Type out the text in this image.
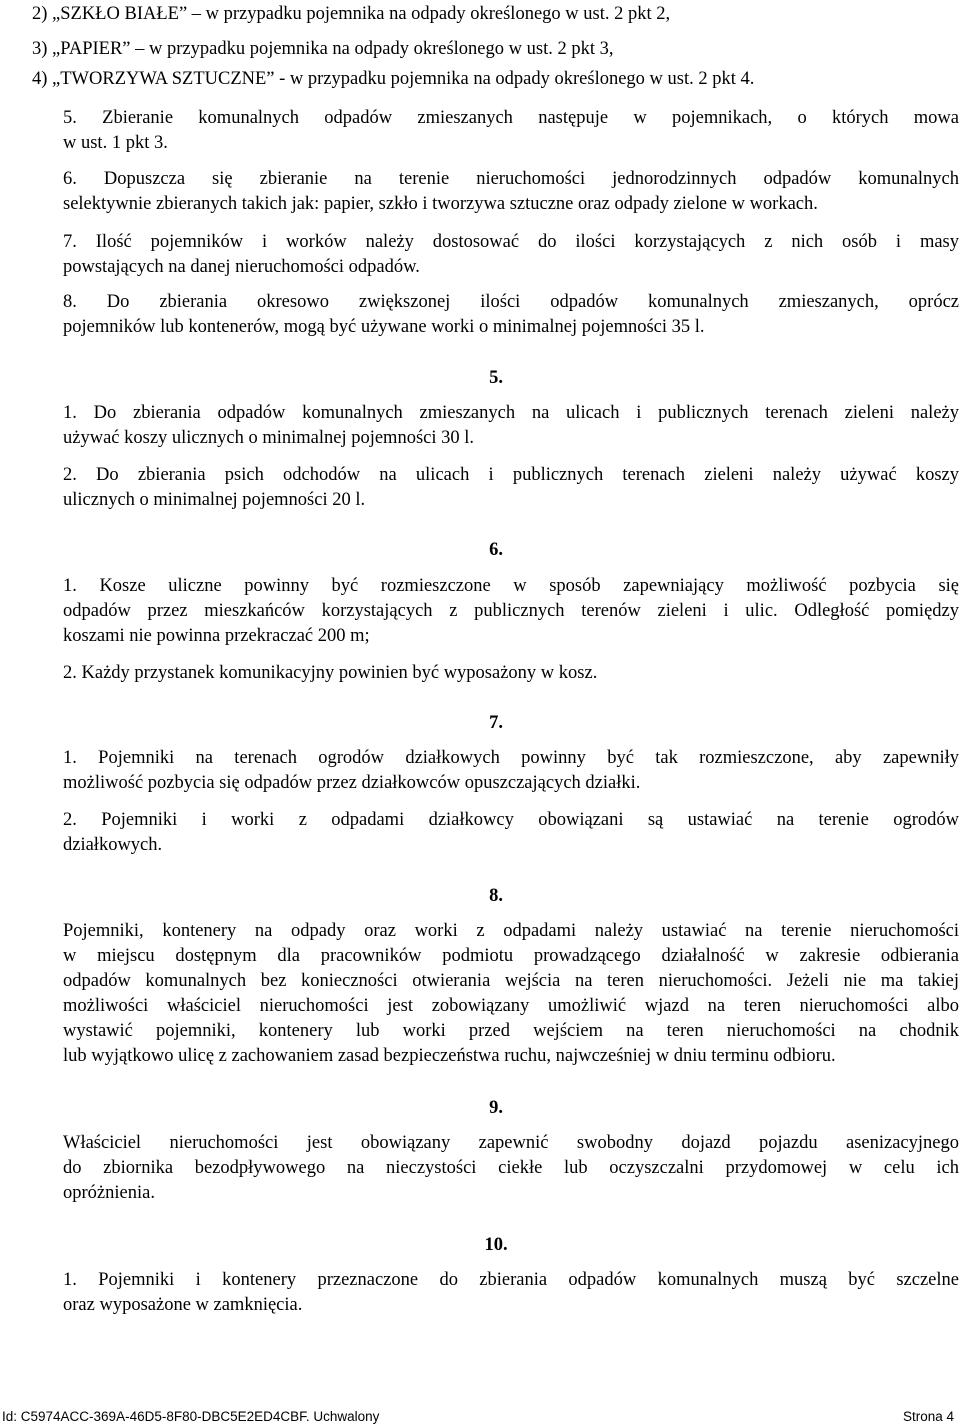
2) „SZKŁO BIAŁE” – w przypadku pojemnika na odpady określonego w ust. 2 pkt 2,
3) „PAPIER” – w przypadku pojemnika na odpady określonego w ust. 2 pkt 3,
4) „TWORZYWA SZTUCZNE” - w przypadku pojemnika na odpady określonego w ust. 2 pkt 4.
5. Zbieranie komunalnych odpadów zmieszanych następuje w pojemnikach, o których mowa
w ust. 1 pkt 3.
6. Dopuszcza się zbieranie na terenie nieruchomości jednorodzinnych odpadów komunalnych
selektywnie zbieranych takich jak: papier, szkło i tworzywa sztuczne oraz odpady zielone w workach.
7. Ilość pojemników i worków należy dostosować do ilości korzystających z nich osób i masy
powstających na danej nieruchomości odpadów.
8. Do zbierania okresowo zwiększonej ilości odpadów komunalnych zmieszanych, oprócz
pojemników lub kontenerów, mogą być używane worki o minimalnej pojemności 35 l.
5.
1. Do zbierania odpadów komunalnych zmieszanych na ulicach i publicznych terenach zieleni należy
używać koszy ulicznych o minimalnej pojemności 30 l.
2. Do zbierania psich odchodów na ulicach i publicznych terenach zieleni należy używać koszy
ulicznych o minimalnej pojemności 20 l.
6.
1. Kosze uliczne powinny być rozmieszczone w sposób zapewniający możliwość pozbycia się
odpadów przez mieszkańców korzystających z publicznych terenów zieleni i ulic. Odległość pomiędzy
koszami nie powinna przekraczać 200 m;
2. Każdy przystanek komunikacyjny powinien być wyposażony w kosz.
7.
1. Pojemniki na terenach ogrodów działkowych powinny być tak rozmieszczone, aby zapewniły
możliwość pozbycia się odpadów przez działkowców opuszczających działki.
2. Pojemniki i worki z odpadami działkowcy obowiązani są ustawiać na terenie ogrodów
działkowych.
8.
Pojemniki, kontenery na odpady oraz worki z odpadami należy ustawiać na terenie nieruchomości
w miejscu dostępnym dla pracowników podmiotu prowadzącego działalność w zakresie odbierania
odpadów komunalnych bez konieczności otwierania wejścia na teren nieruchomości. Jeżeli nie ma takiej
możliwości właściciel nieruchomości jest zobowiązany umożliwić wjazd na teren nieruchomości albo
wystawić pojemniki, kontenery lub worki przed wejściem na teren nieruchomości na chodnik
lub wyjątkowo ulicę z zachowaniem zasad bezpieczeństwa ruchu, najwcześniej w dniu terminu odbioru.
9.
Właściciel nieruchomości jest obowiązany zapewnić swobodny dojazd pojazdu asenizacyjnego
do zbiornika bezodpływowego na nieczystości ciekłe lub oczyszczalni przydomowej w celu ich
opróżnienia.
10.
1. Pojemniki i kontenery przeznaczone do zbierania odpadów komunalnych muszą być szczelne
oraz wyposażone w zamknięcia.
Id: C5974ACC-369A-46D5-8F80-DBC5E2ED4CBF. Uchwalony	Strona 4
